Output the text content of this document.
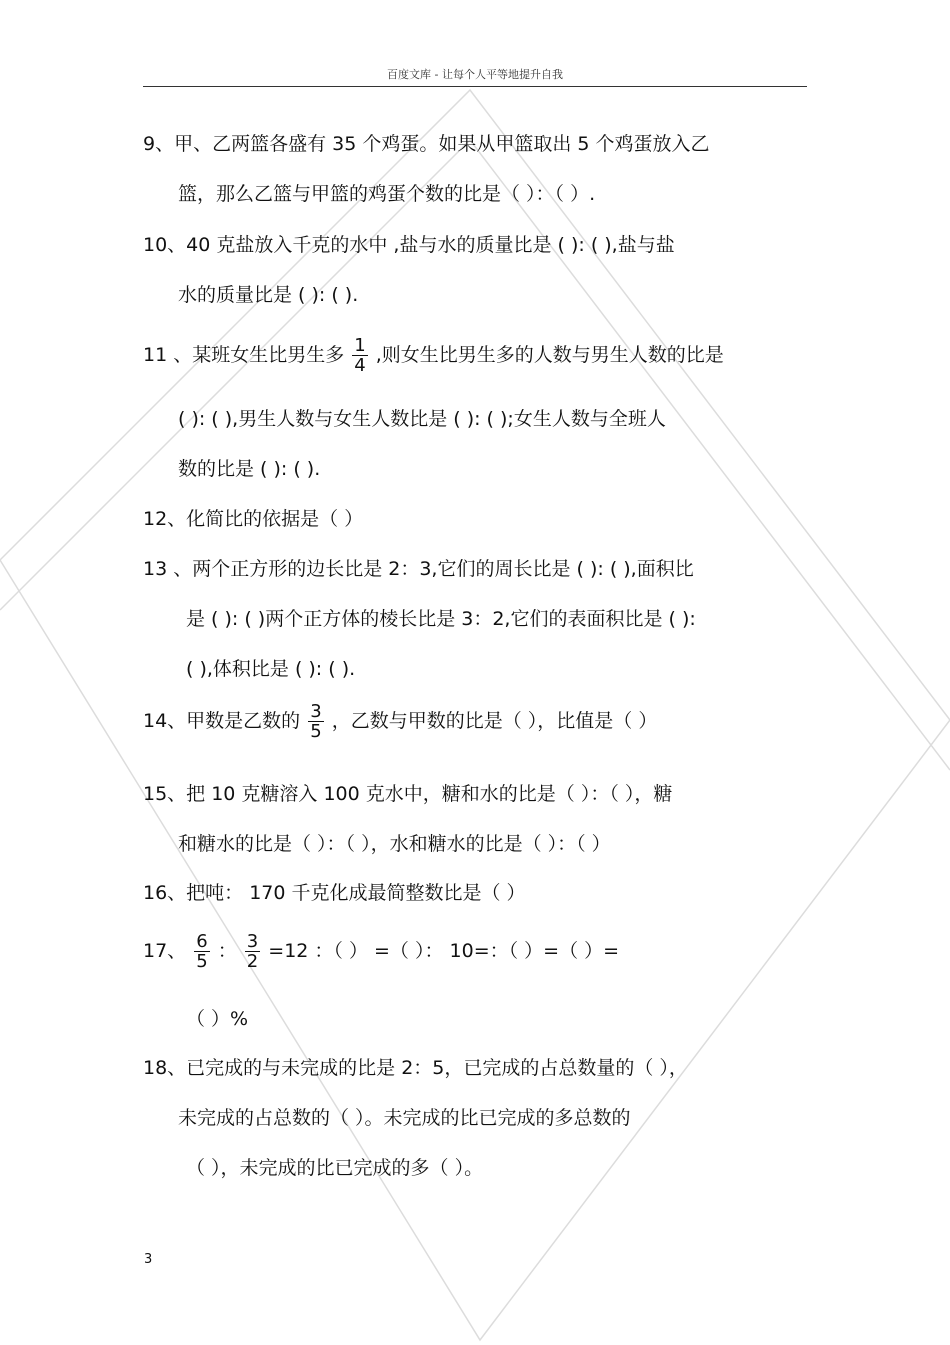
百度文库 - 让每个人平等地提升自我
9、甲、乙两篮各盛有 35 个鸡蛋。如果从甲篮取出 5 个鸡蛋放入乙
篮，那么乙篮与甲篮的鸡蛋个数的比是（ ）：（ ）.
10、40 克盐放入千克的水中 ,盐与水的质量比是 ( ): ( ),盐与盐
水的质量比是 ( ): ( ).
11 、某班女生比男生多 $\frac{1}{4}$ ,则女生比男生多的人数与男生人数的比是
( ): ( ),男生人数与女生人数比是 ( ): ( );女生人数与全班人
数的比是 ( ): ( ).
12、化简比的依据是（ ）
13 、两个正方形的边长比是 2：3,它们的周长比是 ( ): ( ),面积比
是 ( ): ( )两个正方体的棱长比是 3：2,它们的表面积比是 ( ):
( ),体积比是 ( ): ( ).
14、甲数是乙数的 $\frac{3}{5}$ ，乙数与甲数的比是（ ），比值是（ ）
15、把 10 克糖溶入 100 克水中，糖和水的比是（ ）：（ ），糖
和糖水的比是（ ）：（ ），水和糖水的比是（ ）：（ ）
16、把吨： 170 千克化成最简整数比是（ ）
17、 $\frac{6}{5}$ ： $\frac{3}{2} =12$ ：（ ） =（ ）： 10=：（ ）=（ ）=
（ ）%
18、已完成的与未完成的比是 2：5，已完成的占总数量的（ ），
未完成的占总数的（ ）。未完成的比已完成的多总数的
（ ），未完成的比已完成的多（ ）。
3
